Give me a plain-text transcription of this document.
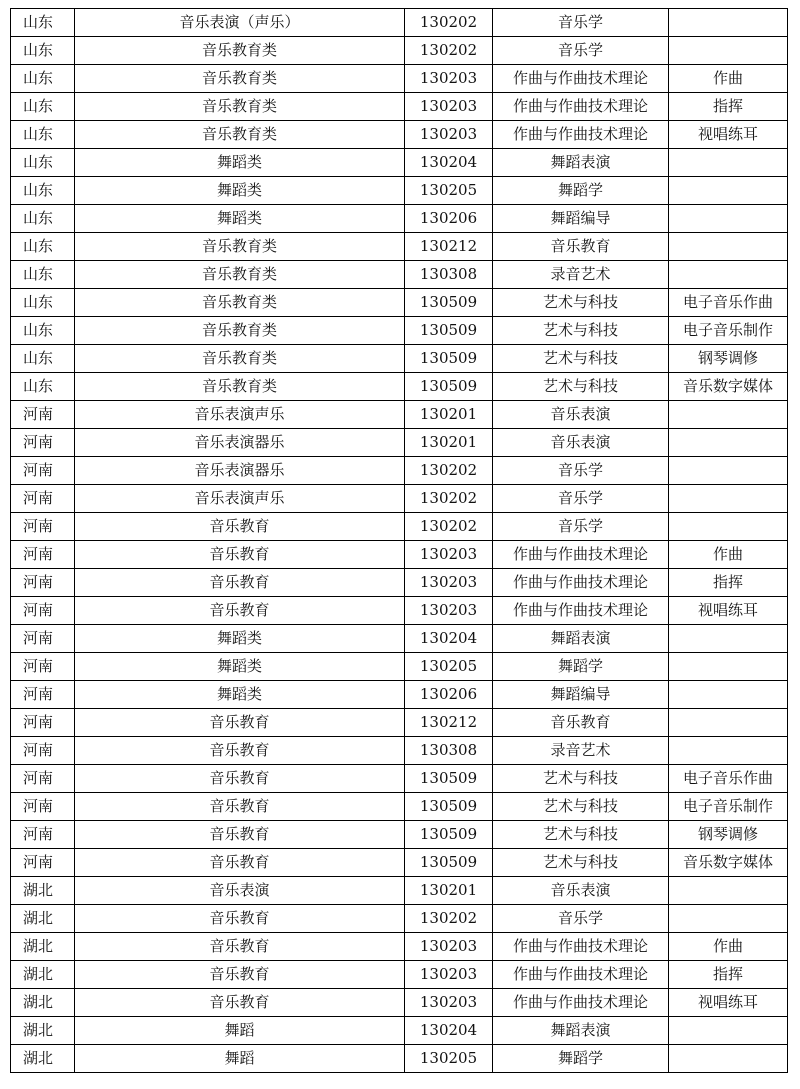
山东	音乐表演（声乐）	130202	音乐学	
山东	音乐教育类	130202	音乐学	
山东	音乐教育类	130203	作曲与作曲技术理论	作曲
山东	音乐教育类	130203	作曲与作曲技术理论	指挥
山东	音乐教育类	130203	作曲与作曲技术理论	视唱练耳
山东	舞蹈类	130204	舞蹈表演	
山东	舞蹈类	130205	舞蹈学	
山东	舞蹈类	130206	舞蹈编导	
山东	音乐教育类	130212	音乐教育	
山东	音乐教育类	130308	录音艺术	
山东	音乐教育类	130509	艺术与科技	电子音乐作曲
山东	音乐教育类	130509	艺术与科技	电子音乐制作
山东	音乐教育类	130509	艺术与科技	钢琴调修
山东	音乐教育类	130509	艺术与科技	音乐数字媒体
河南	音乐表演声乐	130201	音乐表演	
河南	音乐表演器乐	130201	音乐表演	
河南	音乐表演器乐	130202	音乐学	
河南	音乐表演声乐	130202	音乐学	
河南	音乐教育	130202	音乐学	
河南	音乐教育	130203	作曲与作曲技术理论	作曲
河南	音乐教育	130203	作曲与作曲技术理论	指挥
河南	音乐教育	130203	作曲与作曲技术理论	视唱练耳
河南	舞蹈类	130204	舞蹈表演	
河南	舞蹈类	130205	舞蹈学	
河南	舞蹈类	130206	舞蹈编导	
河南	音乐教育	130212	音乐教育	
河南	音乐教育	130308	录音艺术	
河南	音乐教育	130509	艺术与科技	电子音乐作曲
河南	音乐教育	130509	艺术与科技	电子音乐制作
河南	音乐教育	130509	艺术与科技	钢琴调修
河南	音乐教育	130509	艺术与科技	音乐数字媒体
湖北	音乐表演	130201	音乐表演	
湖北	音乐教育	130202	音乐学	
湖北	音乐教育	130203	作曲与作曲技术理论	作曲
湖北	音乐教育	130203	作曲与作曲技术理论	指挥
湖北	音乐教育	130203	作曲与作曲技术理论	视唱练耳
湖北	舞蹈	130204	舞蹈表演	
湖北	舞蹈	130205	舞蹈学	
